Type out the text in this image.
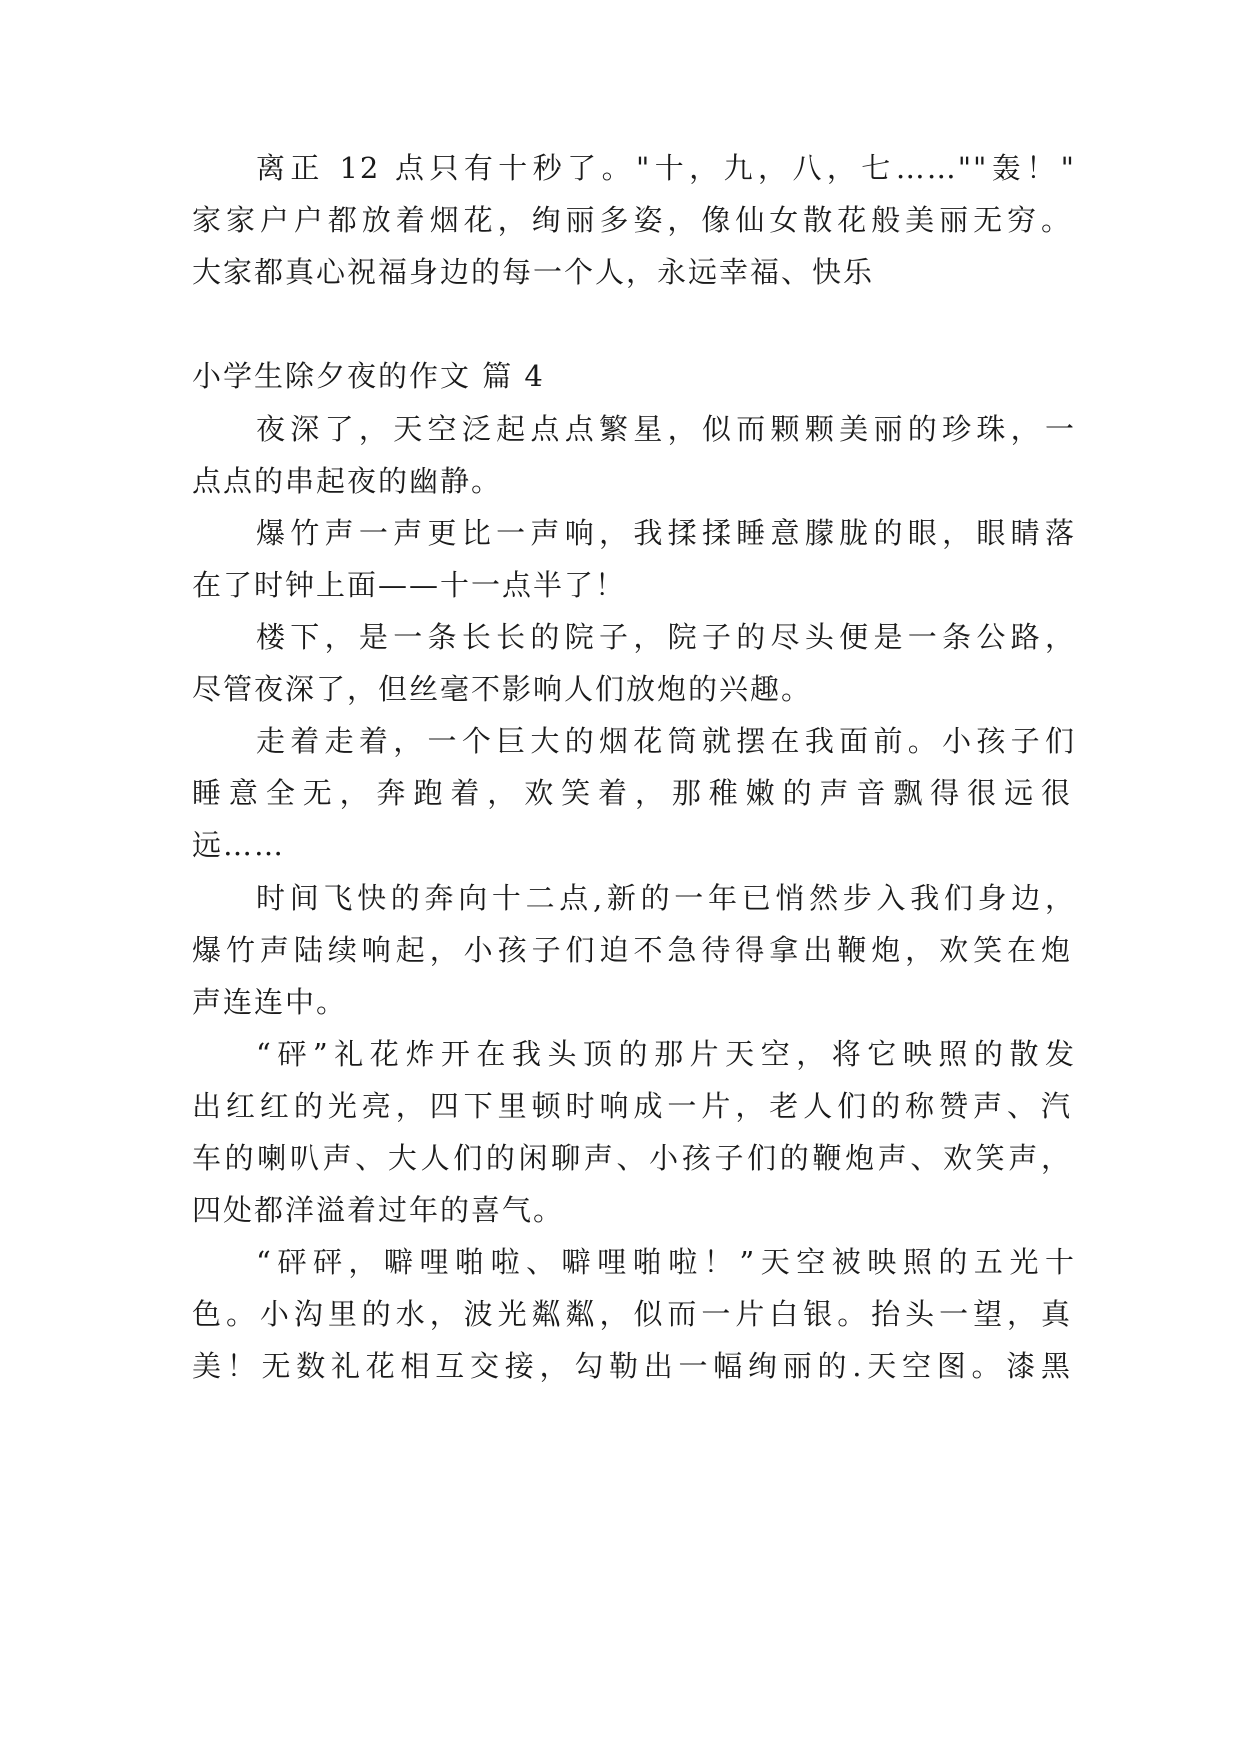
离正 12 点只有十秒了。"十，九，八，七……""轰！"
家家户户都放着烟花，绚丽多姿，像仙女散花般美丽无穷。
大家都真心祝福身边的每一个人，永远幸福、快乐
小学生除夕夜的作文 篇 4
夜深了，天空泛起点点繁星，似而颗颗美丽的珍珠，一
点点的串起夜的幽静。
爆竹声一声更比一声响，我揉揉睡意朦胧的眼，眼睛落
在了时钟上面——十一点半了！
楼下，是一条长长的院子，院子的尽头便是一条公路，
尽管夜深了，但丝毫不影响人们放炮的兴趣。
走着走着，一个巨大的烟花筒就摆在我面前。小孩子们
睡意全无，奔跑着，欢笑着，那稚嫩的声音飘得很远很
远……
时间飞快的奔向十二点,新的一年已悄然步入我们身边，
爆竹声陆续响起，小孩子们迫不急待得拿出鞭炮，欢笑在炮
声连连中。
“砰”礼花炸开在我头顶的那片天空，将它映照的散发
出红红的光亮，四下里顿时响成一片，老人们的称赞声、汽
车的喇叭声、大人们的闲聊声、小孩子们的鞭炮声、欢笑声，
四处都洋溢着过年的喜气。
“砰砰，噼哩啪啦、噼哩啪啦！”天空被映照的五光十
色。小沟里的水，波光粼粼，似而一片白银。抬头一望，真
美！无数礼花相互交接，勾勒出一幅绚丽的.天空图。漆黑
